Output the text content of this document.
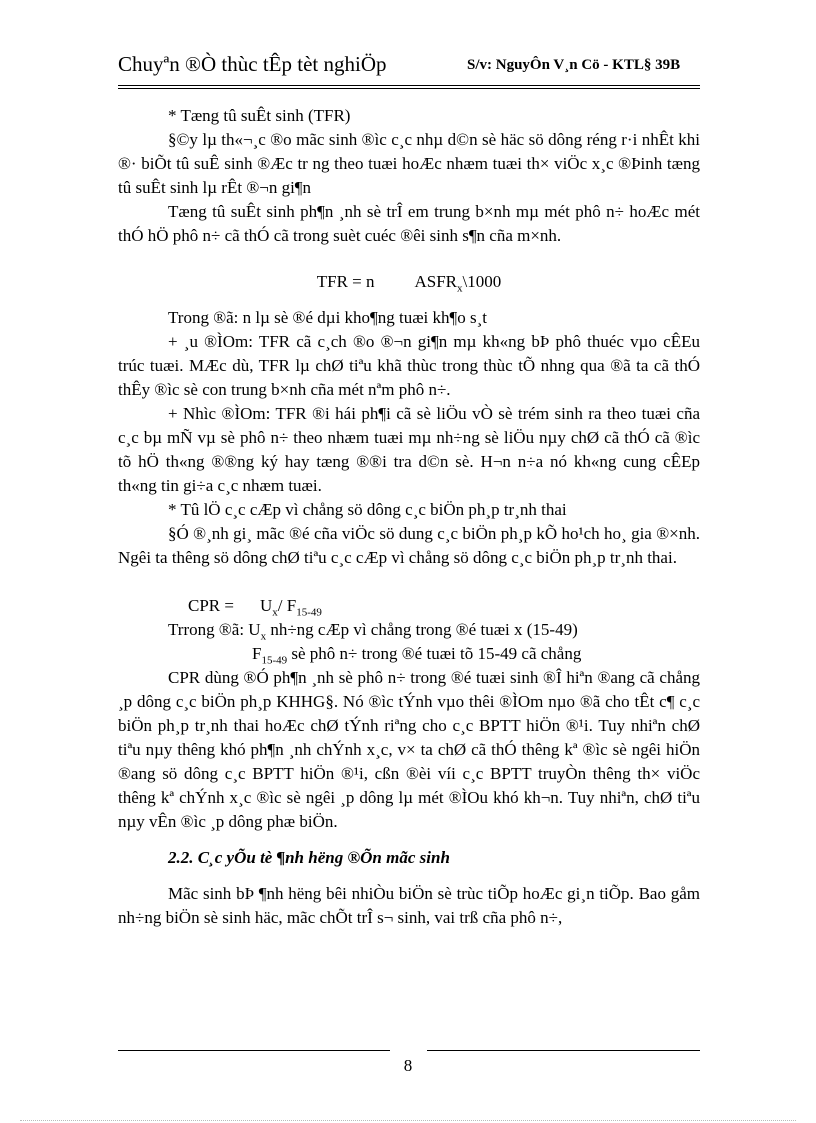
Chuyªn ®Ò thùc tÊp tèt nghiÖp	S/v: NguyÔn V¸n Cö - KTL§ 39B

* Tæng tû suÊt sinh (TFR)

§©y lµ th«¬¸c ®o mãc sinh ®ìc c¸c nhµ d©n sè häc sö dông réng r·i nhÊt khi ®· biÕt tû suÊ sinh ®Æc tr ng theo tuæi hoÆc nhæm tuæi th× viÖc x¸c ®Þinh tæng tû suÊt sinh lµ rÊt ®¬n gi¶n

Tæng tû suÊt sinh ph¶n ¸nh sè trÎ em trung b×nh mµ mét phô n÷ hoÆc mét thÓ hÖ phô n÷ cã thÓ cã trong suèt cuéc ®êi sinh s¶n cña m×nh.

TFR = n $ASFR_x\backslash 1000$

Trong ®ã: n lµ sè ®é dµi kho¶ng tuæi kh¶o s¸t

+ ¸u ®ÌOm: TFR cã c¸ch ®o ®¬n gi¶n mµ kh«ng bÞ phô thuéc vµo cÊEu trúc tuæi. MÆc dù, TFR lµ chØ tiªu khã thùc trong thùc tÕ nhng qua ®ã ta cã thÓ thÊy ®ìc sè con trung b×nh cña mét nªm phô n÷.

+ Nhìc ®ÌOm: TFR ®i hái ph¶i cã sè liÖu vÒ sè trém sinh ra theo tuæi cña c¸c bµ mÑ vµ sè phô n÷ theo nhæm tuæi mµ nh÷ng sè liÖu nµy chØ cã thÓ cã ®ìc tõ hÖ th«ng ®®ng ký hay tæng ®®i tra d©n sè. H¬n n÷a nó kh«ng cung cÊEp th«ng tin gi÷a c¸c nhæm tuæi.

* Tû lÖ c¸c cÆp vì chång sö dông c¸c biÖn ph¸p tr¸nh thai

§Ó ®¸nh gi¸ mãc ®é cña viÖc sö dung c¸c biÖn ph¸p kÕ ho¹ch ho¸ gia ®×nh. Ngêi ta thêng sö dông chØ tiªu c¸c cÆp vì chång sö dông c¸c biÖn ph¸p tr¸nh thai.

CPR = $U_x/$ $F_{15-49}$

Trrong ®ã: $U_x$ nh÷ng cÆp vì chång trong ®é tuæi x (15-49)

$F_{15-49}$ sè phô n÷ trong ®é tuæi tõ 15-49 cã chång

CPR dùng ®Ó ph¶n ¸nh sè phô n÷ trong ®é tuæi sinh ®Î hiªn ®ang cã chång ¸p dông c¸c biÖn ph¸p KHHG§. Nó ®ìc tÝnh vµo thêi ®ÌOm nµo ®ã cho tÊt c¶ c¸c biÖn ph¸p tr¸nh thai hoÆc chØ tÝnh riªng cho c¸c BPTT hiÖn ®¹i. Tuy nhiªn chØ tiªu nµy thêng khó ph¶n ¸nh chÝnh x¸c, v× ta chØ cã thÓ thêng kª ®ìc sè ngêi hiÖn ®ang sö dông c¸c BPTT hiÖn ®¹i, cßn ®èi víi c¸c BPTT truyÒn thêng th× viÖc thêng kª chÝnh x¸c ®ìc sè ngêi ¸p dông lµ mét ®ÌOu khó kh¬n. Tuy nhiªn, chØ tiªu nµy vÊn ®ìc ¸p dông phæ biÖn.

2.2. C¸c yÕu tè ¶nh hëng ®Õn mãc sinh

Mãc sinh bÞ ¶nh hëng bêi nhiÒu biÖn sè trùc tiÕp hoÆc gi¸n tiÕp. Bao gåm nh÷ng biÖn sè sinh häc, mãc chÕt trÎ s¬ sinh, vai trß cña phô n÷,

8
